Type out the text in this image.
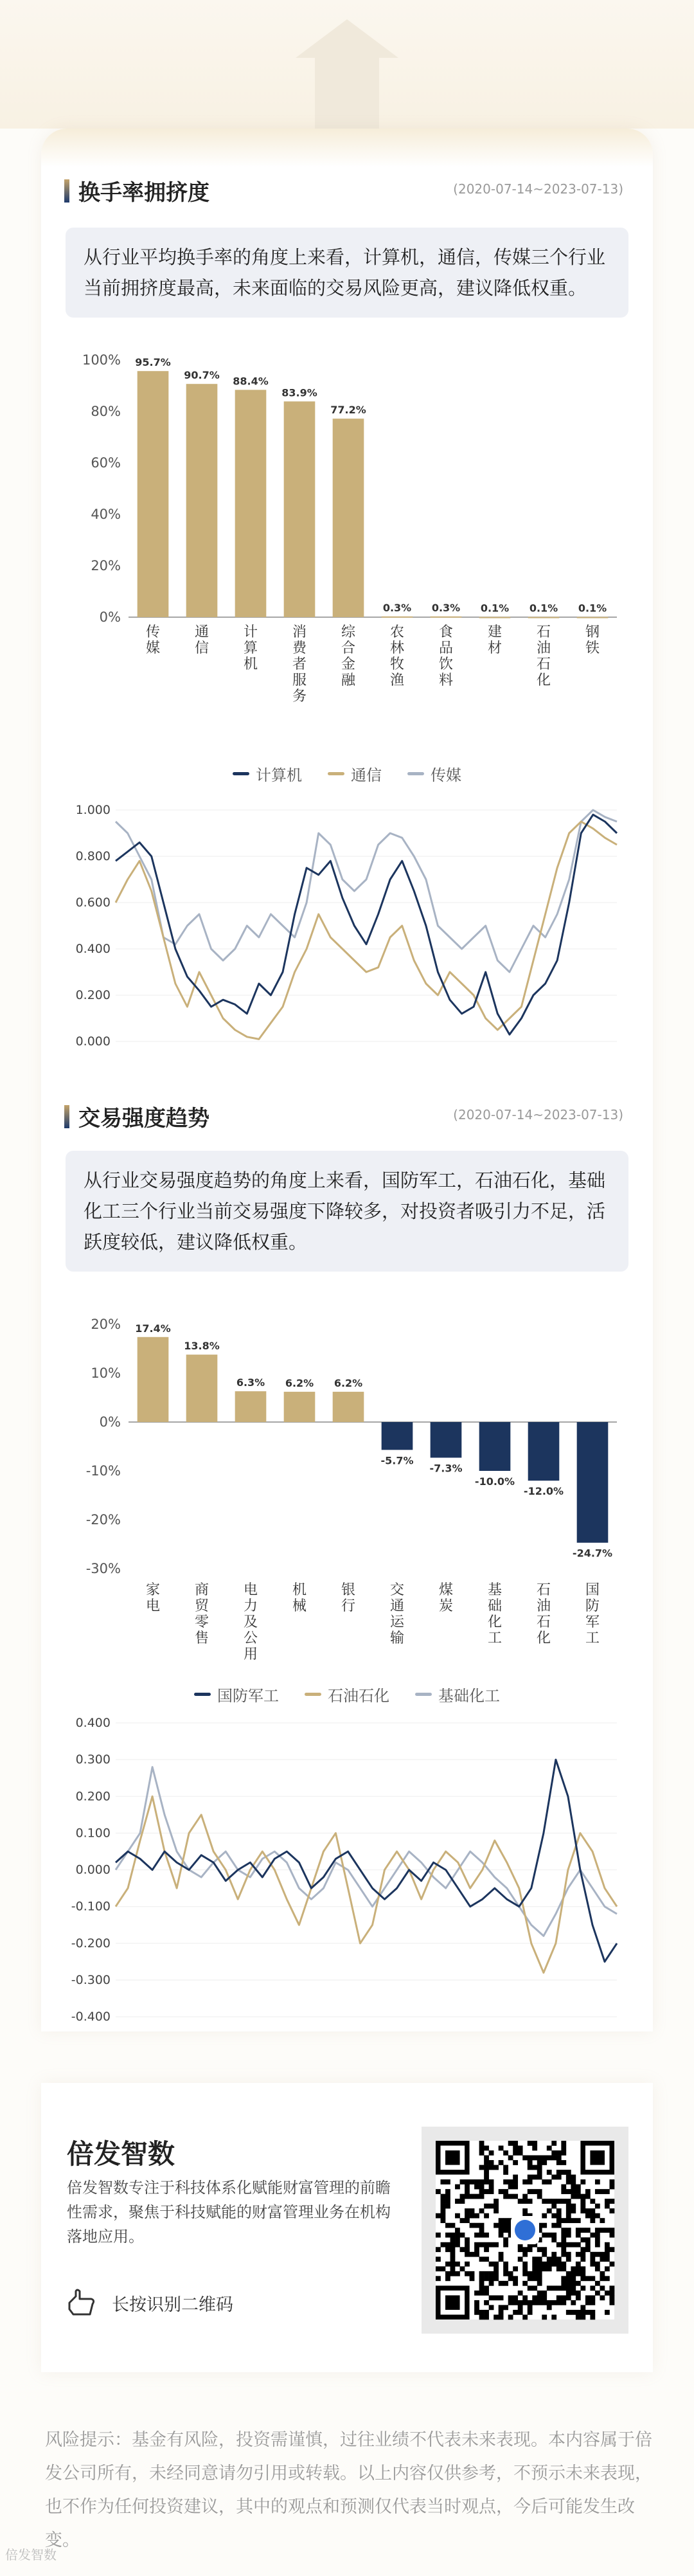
换手率拥挤度	(2020-07-14~2023-07-13)
从行业平均换手率的角度上来看，计算机，通信，传媒三个行业当前拥挤度最高，未来面临的交易风险更高，建议降低权重。
0%
20%
40%
60%
80%
100% 95.7%
传
媒
90.7%
通
信
88.4%
计
算
机
83.9%
消
费
者
服
务
77.2%
综
合
金
融
0.3%
农
林
牧
渔
0.3%
食
品
饮
料
0.1%
建
材
0.1%
石
油
石
化
0.1%
钢
铁
计算机	通信	传媒
0.000
0.200
0.400
0.600
0.800
1.000
交易强度趋势	(2020-07-14~2023-07-13)
从行业交易强度趋势的角度上来看，国防军工，石油石化，基础化工三个行业当前交易强度下降较多，对投资者吸引力不足，活跃度较低，建议降低权重。
20%
10%
0%
-10%
-20%
-30%
17.4%
家
电
13.8%
商
贸
零
售
6.3%
电
力
及
公
用
6.2%
机
械
6.2%
银
行
-5.7%
交
通
运
输
-7.3%
煤
炭
-10.0%
基
础
化
工
-12.0%
石
油
石
化
-24.7%
国
防
军
工
国防军工	石油石化	基础化工
0.400
0.300
0.200
0.100
0.000
-0.100
-0.200
-0.300
-0.400
倍发智数
倍发智数专注于科技体系化赋能财富管理的前瞻性需求，聚焦于科技赋能的财富管理业务在机构落地应用。
长按识别二维码
风险提示：基金有风险，投资需谨慎，过往业绩不代表未来表现。本内容属于倍发公司所有，未经同意请勿引用或转载。以上内容仅供参考，不预示未来表现，也不作为任何投资建议，其中的观点和预测仅代表当时观点，今后可能发生改变。
倍发智数
